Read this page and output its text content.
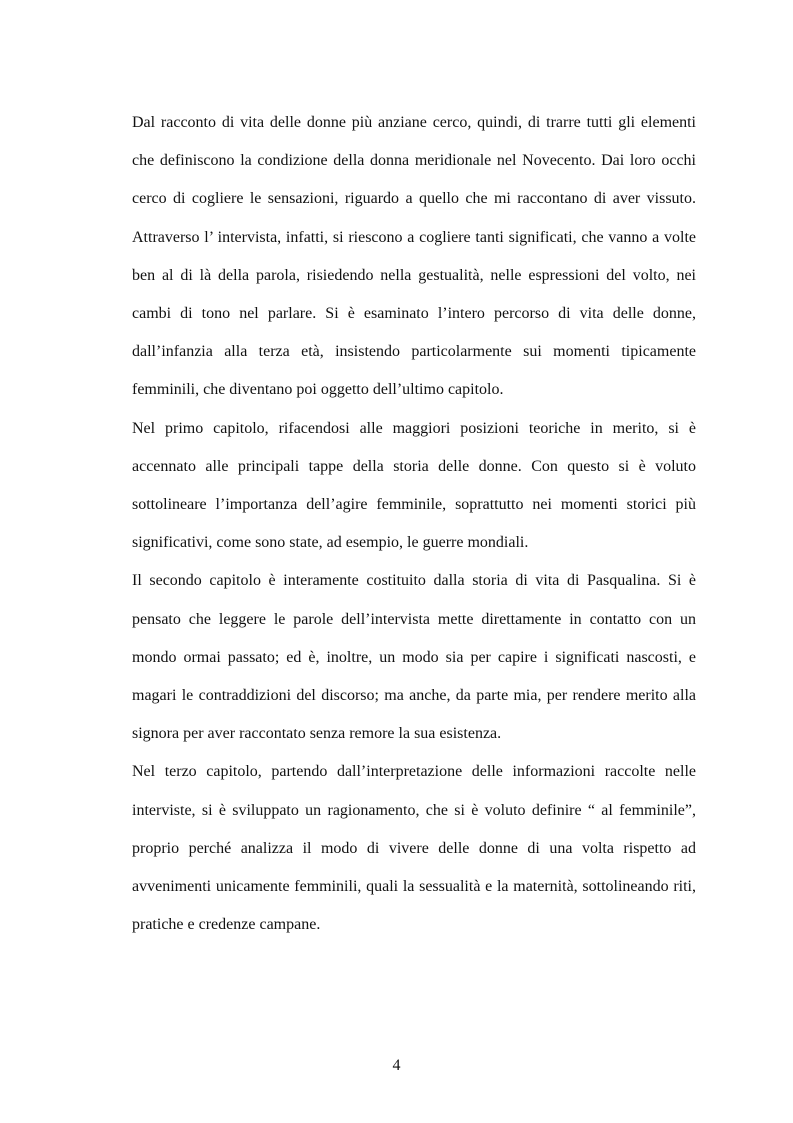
Dal racconto di vita delle donne più anziane cerco, quindi, di trarre tutti gli elementi che definiscono la condizione della donna meridionale nel Novecento. Dai loro occhi cerco di cogliere le sensazioni, riguardo a quello che mi raccontano di aver vissuto. Attraverso l’ intervista, infatti, si riescono a cogliere tanti significati, che vanno a volte ben al di là della parola, risiedendo nella gestualità, nelle espressioni del volto, nei cambi di tono nel parlare. Si è esaminato l’intero percorso di vita delle donne, dall’infanzia alla terza età, insistendo particolarmente sui momenti tipicamente femminili, che diventano poi oggetto dell’ultimo capitolo.

Nel primo capitolo, rifacendosi alle maggiori posizioni teoriche in merito, si è accennato alle principali tappe della storia delle donne. Con questo si è voluto sottolineare l’importanza dell’agire femminile, soprattutto nei momenti storici più significativi, come sono state, ad esempio, le guerre mondiali.

Il secondo capitolo è interamente costituito dalla storia di vita di Pasqualina. Si è pensato che leggere le parole dell’intervista mette direttamente in contatto con un mondo ormai passato; ed è, inoltre, un modo sia per capire i significati nascosti, e magari le contraddizioni del discorso; ma anche, da parte mia, per rendere merito alla signora per aver raccontato senza remore la sua esistenza.

Nel terzo capitolo, partendo dall’interpretazione delle informazioni raccolte nelle interviste, si è sviluppato un ragionamento, che si è voluto definire “ al femminile”, proprio perché analizza il modo di vivere delle donne di una volta rispetto ad avvenimenti unicamente femminili, quali la sessualità e la maternità, sottolineando riti, pratiche e credenze campane.

4
